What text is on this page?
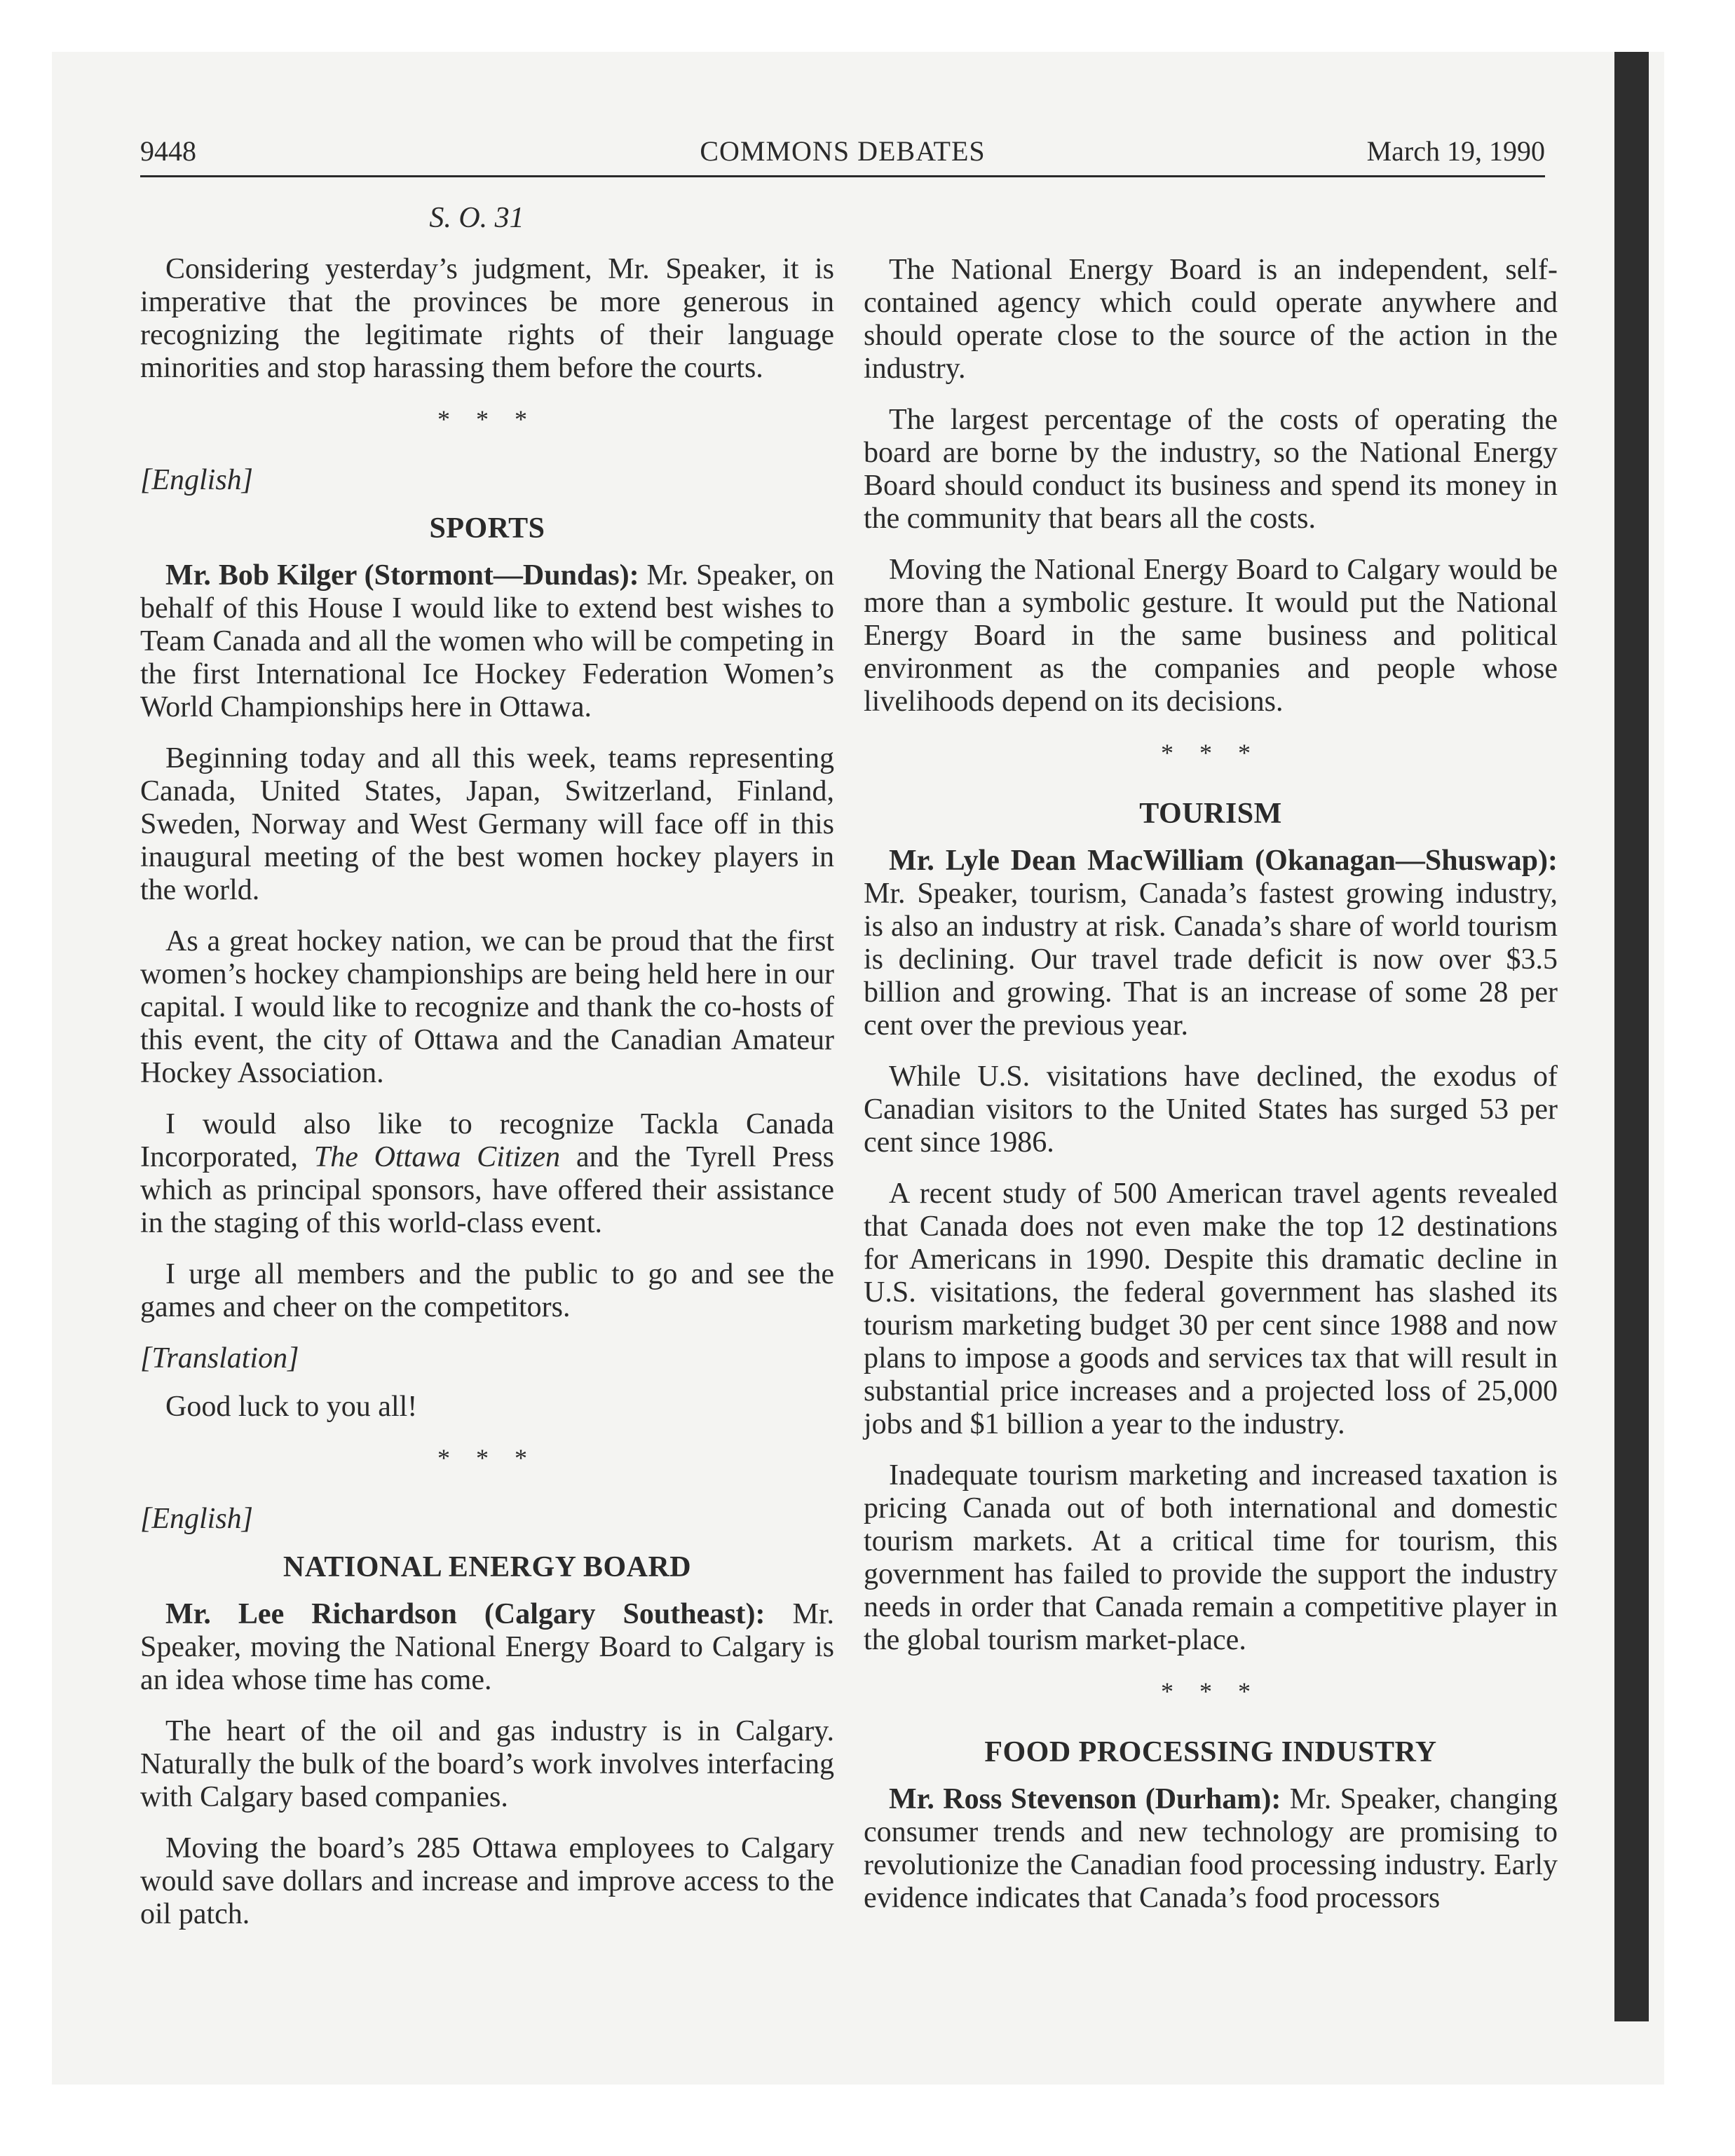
9448	COMMONS DEBATES	March 19, 1990
S. O. 31

Considering yesterday’s judgment, Mr. Speaker, it is imperative that the provinces be more generous in recognizing the legitimate rights of their language minorities and stop harassing them before the courts.

* * *
[English]
SPORTS

Mr. Bob Kilger (Stormont—Dundas): Mr. Speaker, on behalf of this House I would like to extend best wishes to Team Canada and all the women who will be competing in the first International Ice Hockey Federation Women’s World Championships here in Ottawa.

Beginning today and all this week, teams representing Canada, United States, Japan, Switzerland, Finland, Sweden, Norway and West Germany will face off in this inaugural meeting of the best women hockey players in the world.

As a great hockey nation, we can be proud that the first women’s hockey championships are being held here in our capital. I would like to recognize and thank the co-hosts of this event, the city of Ottawa and the Canadian Amateur Hockey Association.

I would also like to recognize Tackla Canada Incorporated, The Ottawa Citizen and the Tyrell Press which as principal sponsors, have offered their assistance in the staging of this world-class event.

I urge all members and the public to go and see the games and cheer on the competitors.

[Translation]

Good luck to you all!

* * *
[English]
NATIONAL ENERGY BOARD

Mr. Lee Richardson (Calgary Southeast): Mr. Speaker, moving the National Energy Board to Calgary is an idea whose time has come.

The heart of the oil and gas industry is in Calgary. Naturally the bulk of the board’s work involves interfacing with Calgary based companies.

Moving the board’s 285 Ottawa employees to Calgary would save dollars and increase and improve access to the oil patch.

The National Energy Board is an independent, self-contained agency which could operate anywhere and should operate close to the source of the action in the industry.

The largest percentage of the costs of operating the board are borne by the industry, so the National Energy Board should conduct its business and spend its money in the community that bears all the costs.

Moving the National Energy Board to Calgary would be more than a symbolic gesture. It would put the National Energy Board in the same business and political environment as the companies and people whose livelihoods depend on its decisions.

* * *
TOURISM

Mr. Lyle Dean MacWilliam (Okanagan—Shuswap): Mr. Speaker, tourism, Canada’s fastest growing industry, is also an industry at risk. Canada’s share of world tourism is declining. Our travel trade deficit is now over $3.5 billion and growing. That is an increase of some 28 per cent over the previous year.

While U.S. visitations have declined, the exodus of Canadian visitors to the United States has surged 53 per cent since 1986.

A recent study of 500 American travel agents revealed that Canada does not even make the top 12 destinations for Americans in 1990. Despite this dramatic decline in U.S. visitations, the federal government has slashed its tourism marketing budget 30 per cent since 1988 and now plans to impose a goods and services tax that will result in substantial price increases and a projected loss of 25,000 jobs and $1 billion a year to the industry.

Inadequate tourism marketing and increased taxation is pricing Canada out of both international and domestic tourism markets. At a critical time for tourism, this government has failed to provide the support the industry needs in order that Canada remain a competitive player in the global tourism market-place.

* * *
FOOD PROCESSING INDUSTRY

Mr. Ross Stevenson (Durham): Mr. Speaker, changing consumer trends and new technology are promising to revolutionize the Canadian food processing industry. Early evidence indicates that Canada’s food processors
